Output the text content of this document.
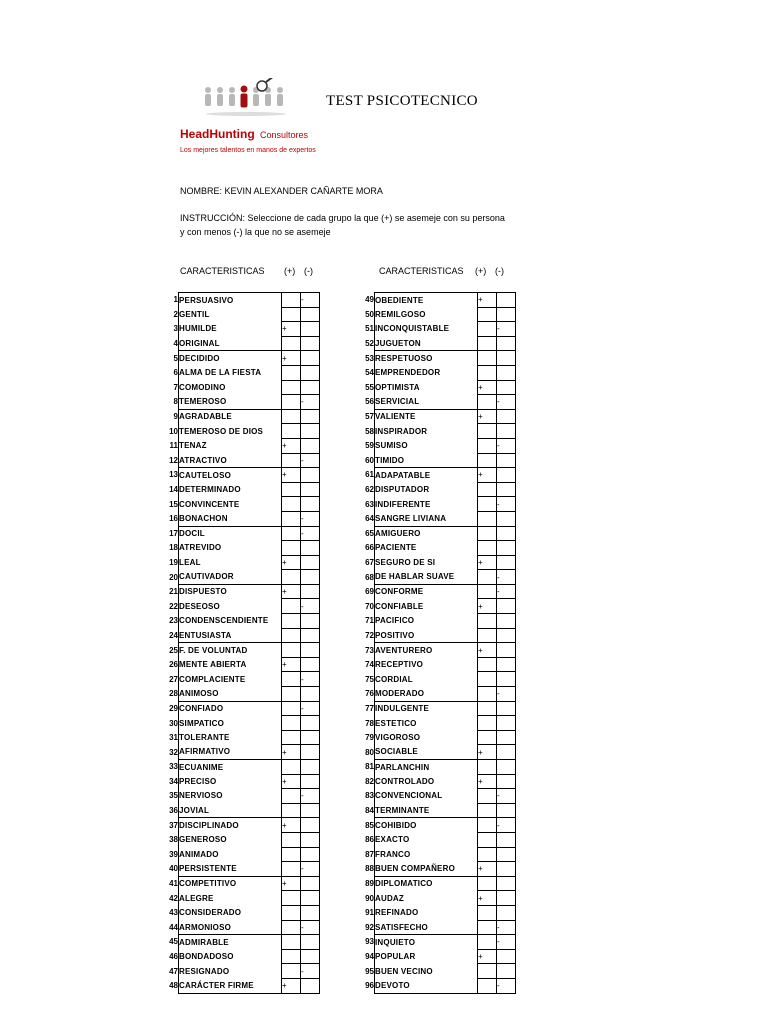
TEST PSICOTECNICO
HeadHunting Consultores
Los mejores talentos en manos de expertos
NOMBRE: KEVIN ALEXANDER CAÑARTE MORA
INSTRUCCIÓN: Seleccione de cada grupo la que (+) se asemeje con su persona y con menos (-) la que no se asemeje
CARACTERISTICAS (+) (-)	CARACTERISTICAS (+) (-)
1	PERSUASIVO		-
2	GENTIL		
3	HUMILDE	+	
4	ORIGINAL		
5	DECIDIDO	+	
6	ALMA DE LA FIESTA		
7	COMODINO		
8	TEMEROSO		-
9	AGRADABLE		
10	TEMEROSO DE DIOS		
11	TENAZ	+	
12	ATRACTIVO		-
13	CAUTELOSO	+	
14	DETERMINADO		
15	CONVINCENTE		
16	BONACHON		-
17	DOCIL		-
18	ATREVIDO		
19	LEAL	+	
20	CAUTIVADOR		
21	DISPUESTO	+	
22	DESEOSO		-
23	CONDENSCENDIENTE		
24	ENTUSIASTA		
25	F. DE VOLUNTAD		
26	MENTE ABIERTA	+	
27	COMPLACIENTE		-
28	ANIMOSO		
29	CONFIADO		-
30	SIMPATICO		
31	TOLERANTE		
32	AFIRMATIVO	+	
33	ECUANIME		
34	PRECISO	+	
35	NERVIOSO		-
36	JOVIAL		
37	DISCIPLINADO	+	
38	GENEROSO		
39	ANIMADO		
40	PERSISTENTE		-
41	COMPETITIVO	+	
42	ALEGRE		
43	CONSIDERADO		
44	ARMONIOSO		-
45	ADMIRABLE		
46	BONDADOSO		
47	RESIGNADO		-
48	CARÁCTER FIRME	+	
49	OBEDIENTE	+	
50	REMILGOSO		
51	INCONQUISTABLE		-
52	JUGUETON		
53	RESPETUOSO		
54	EMPRENDEDOR		
55	OPTIMISTA	+	
56	SERVICIAL		-
57	VALIENTE	+	
58	INSPIRADOR		
59	SUMISO		-
60	TIMIDO		
61	ADAPATABLE	+	
62	DISPUTADOR		
63	INDIFERENTE		-
64	SANGRE LIVIANA		
65	AMIGUERO		
66	PACIENTE		
67	SEGURO DE SI	+	
68	DE HABLAR SUAVE		-
69	CONFORME		-
70	CONFIABLE	+	
71	PACIFICO		
72	POSITIVO		
73	AVENTURERO	+	
74	RECEPTIVO		
75	CORDIAL		
76	MODERADO		-
77	INDULGENTE		
78	ESTETICO		
79	VIGOROSO		
80	SOCIABLE	+	
81	PARLANCHIN		
82	CONTROLADO	+	
83	CONVENCIONAL		-
84	TERMINANTE		
85	COHIBIDO		-
86	EXACTO		
87	FRANCO		
88	BUEN COMPAÑERO	+	
89	DIPLOMATICO		
90	AUDAZ	+	
91	REFINADO		
92	SATISFECHO		-
93	INQUIETO		-
94	POPULAR	+	
95	BUEN VECINO		
96	DEVOTO		-
